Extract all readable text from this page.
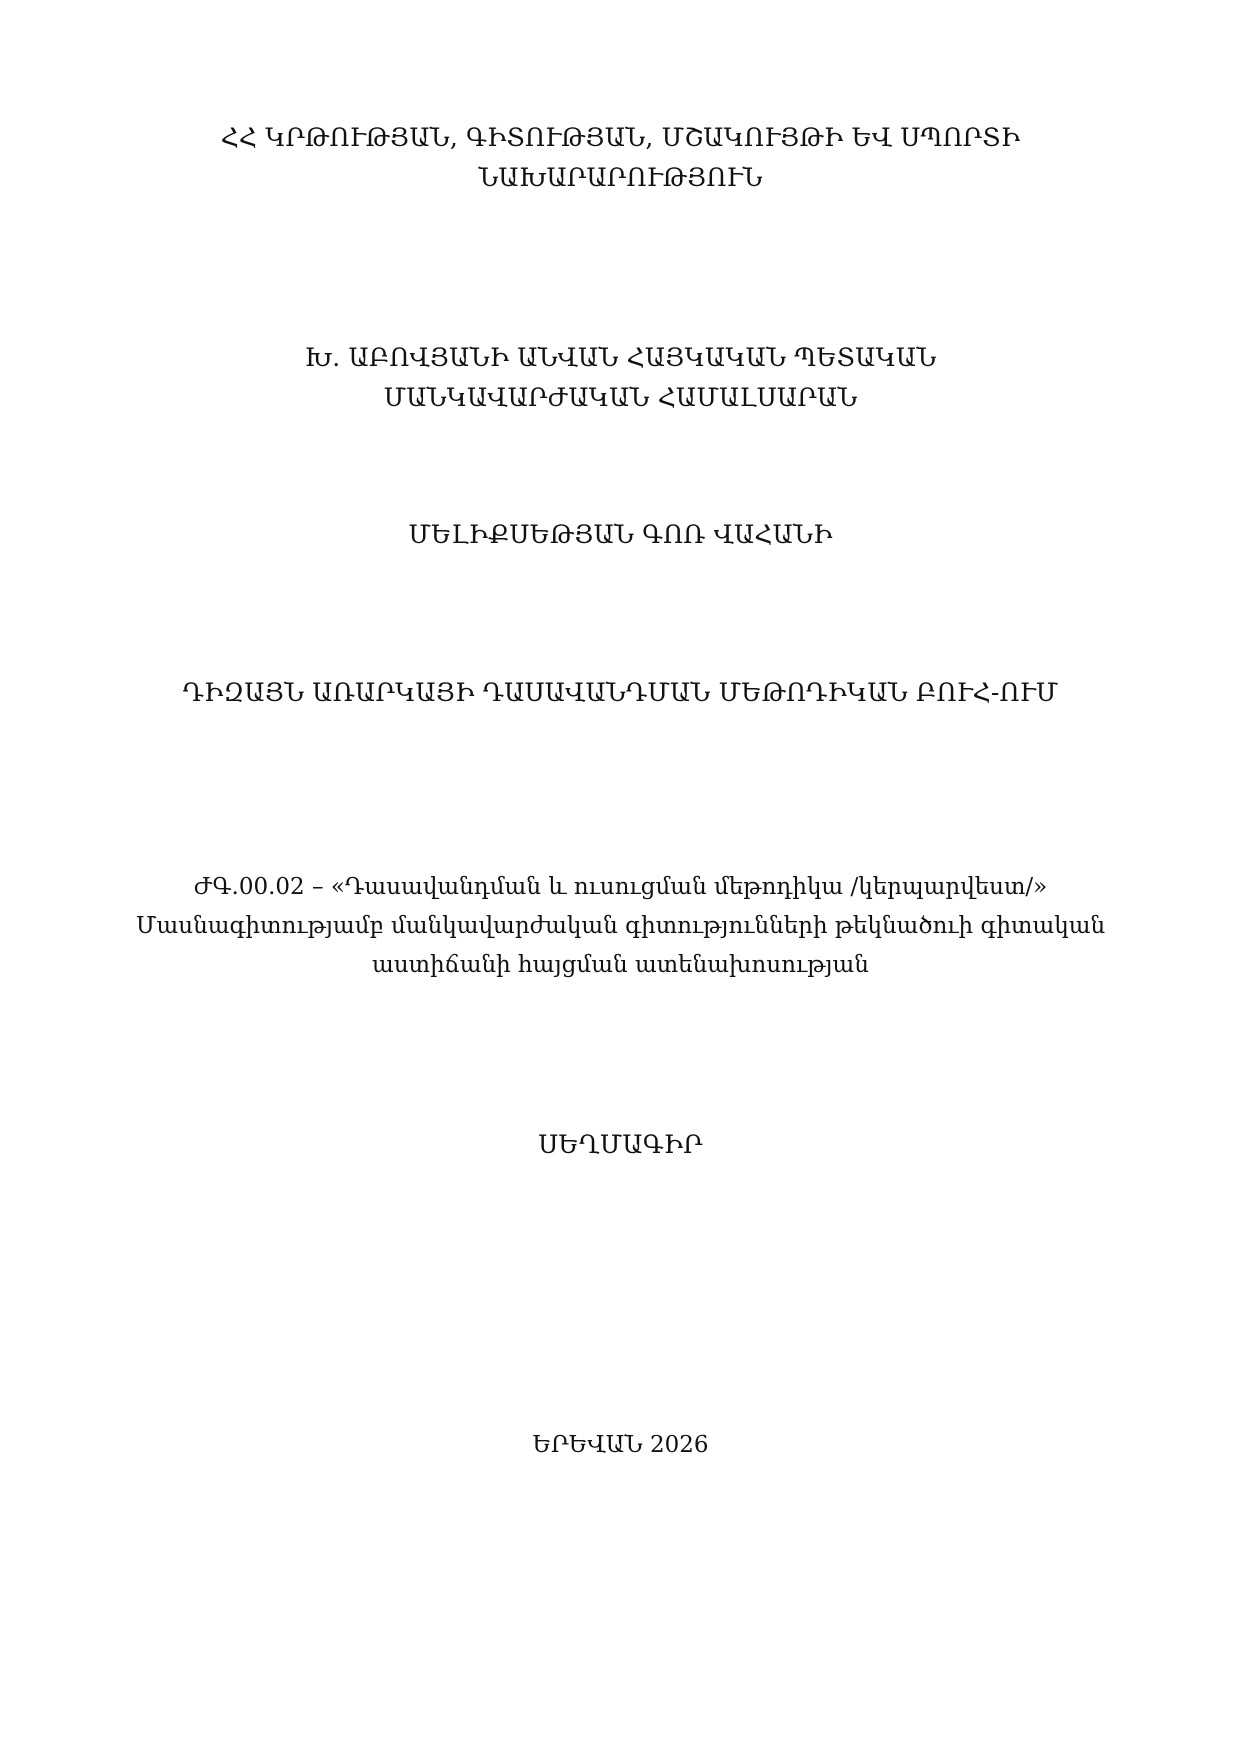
ՀՀ ԿՐԹՈՒԹՅԱՆ, ԳԻՏՈՒԹՅԱՆ, ՄՇԱԿՈՒՅԹԻ ԵՎ ՍՊՈՐՏԻ
ՆԱԽԱՐԱՐՈՒԹՅՈՒՆ
Խ. ԱԲՈՎՅԱՆԻ ԱՆՎԱՆ ՀԱՅԿԱԿԱՆ ՊԵՏԱԿԱՆ
ՄԱՆԿԱՎԱՐԺԱԿԱՆ ՀԱՄԱԼՍԱՐԱՆ
ՄԵԼԻՔՍԵԹՅԱՆ ԳՈՌ ՎԱՀԱՆԻ
ԴԻԶԱՅՆ ԱՌԱՐԿԱՅԻ ԴԱՍԱՎԱՆԴՄԱՆ ՄԵԹՈԴԻԿԱՆ ԲՈՒՀ-ՈՒՄ
ԺԳ.00.02 – «Դասավանդման և ուսուցման մեթոդիկա /կերպարվեստ/»
Մասնագիտությամբ մանկավարժական գիտությունների թեկնածուի գիտական
աստիճանի հայցման ատենախոսության
ՍԵՂՄԱԳԻՐ
ԵՐԵՎԱՆ 2026
